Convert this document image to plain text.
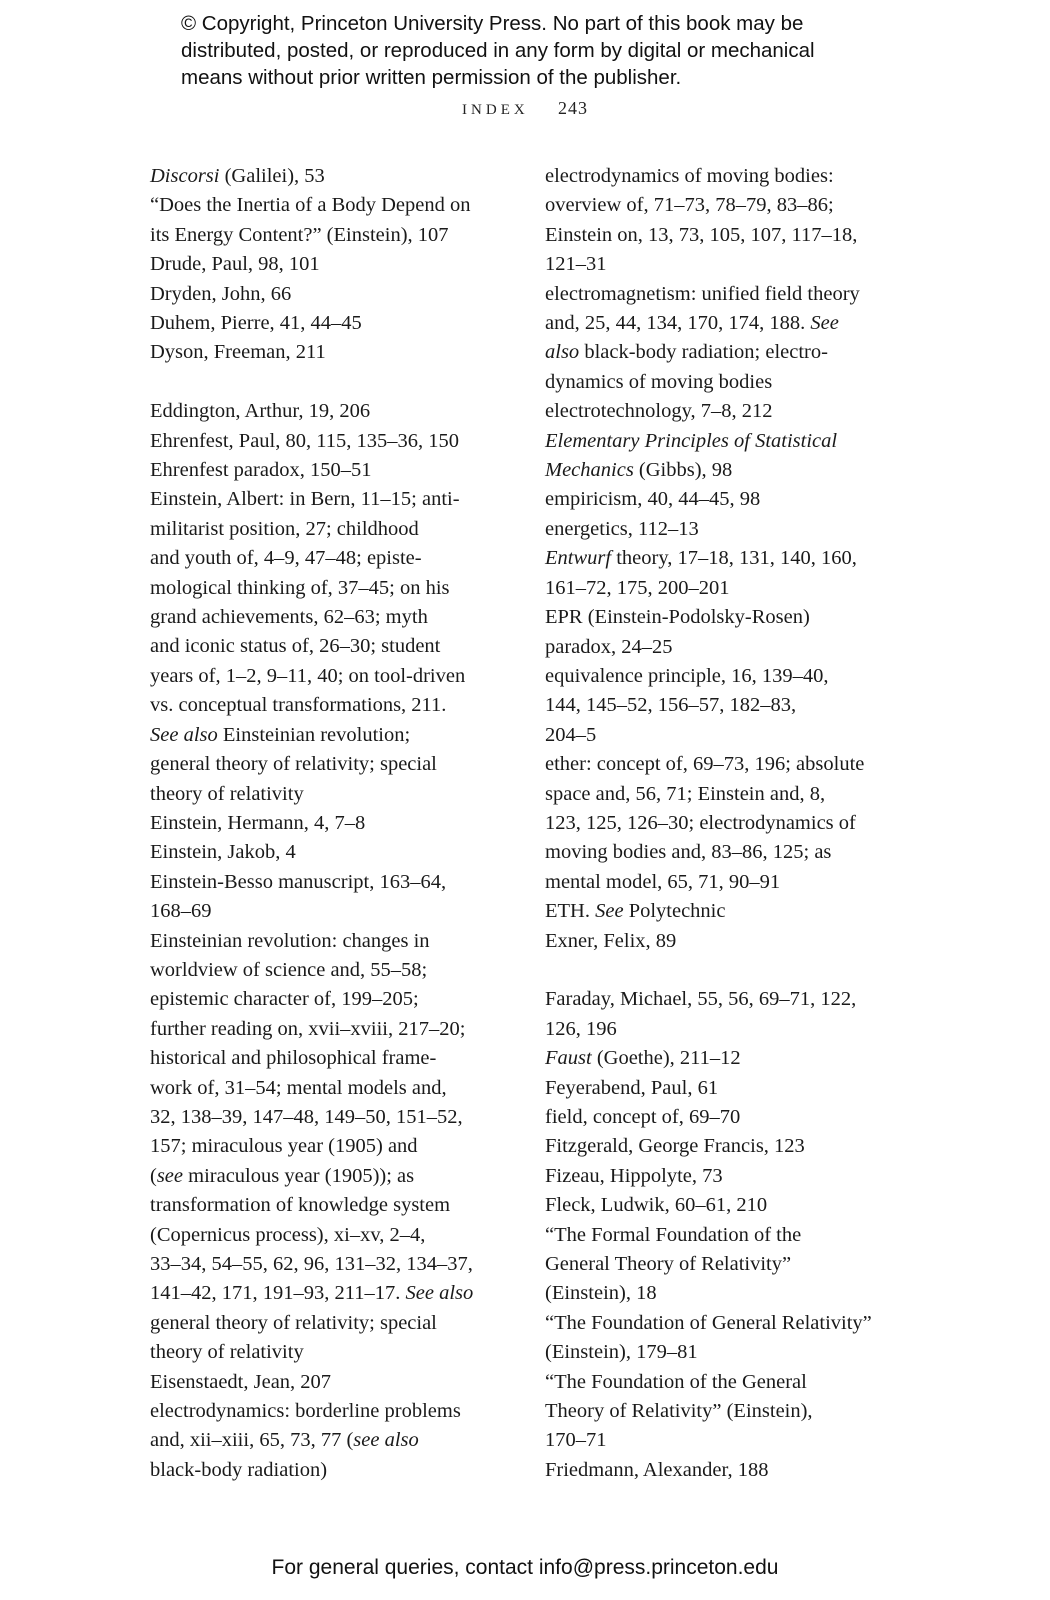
© Copyright, Princeton University Press. No part of this book may be
distributed, posted, or reproduced in any form by digital or mechanical
means without prior written permission of the publisher.
INDEX 243
Discorsi (Galilei), 53
“Does the Inertia of a Body Depend on
its Energy Content?” (Einstein), 107
Drude, Paul, 98, 101
Dryden, John, 66
Duhem, Pierre, 41, 44–45
Dyson, Freeman, 211
Eddington, Arthur, 19, 206
Ehrenfest, Paul, 80, 115, 135–36, 150
Ehrenfest paradox, 150–51
Einstein, Albert: in Bern, 11–15; anti-
militarist position, 27; childhood
and youth of, 4–9, 47–48; episte-
mological thinking of, 37–45; on his
grand achievements, 62–63; myth
and iconic status of, 26–30; student
years of, 1–2, 9–11, 40; on tool-driven
vs. conceptual transformations, 211.
See also Einsteinian revolution;
general theory of relativity; special
theory of relativity
Einstein, Hermann, 4, 7–8
Einstein, Jakob, 4
Einstein-Besso manuscript, 163–64,
168–69
Einsteinian revolution: changes in
worldview of science and, 55–58;
epistemic character of, 199–205;
further reading on, xvii–xviii, 217–20;
historical and philosophical frame-
work of, 31–54; mental models and,
32, 138–39, 147–48, 149–50, 151–52,
157; miraculous year (1905) and
(see miraculous year (1905)); as
transformation of knowledge system
(Copernicus process), xi–xv, 2–4,
33–34, 54–55, 62, 96, 131–32, 134–37,
141–42, 171, 191–93, 211–17. See also
general theory of relativity; special
theory of relativity
Eisenstaedt, Jean, 207
electrodynamics: borderline problems
and, xii–xiii, 65, 73, 77 (see also
black-body radiation)
electrodynamics of moving bodies:
overview of, 71–73, 78–79, 83–86;
Einstein on, 13, 73, 105, 107, 117–18,
121–31
electromagnetism: unified field theory
and, 25, 44, 134, 170, 174, 188. See
also black-body radiation; electro-
dynamics of moving bodies
electrotechnology, 7–8, 212
Elementary Principles of Statistical
Mechanics (Gibbs), 98
empiricism, 40, 44–45, 98
energetics, 112–13
Entwurf theory, 17–18, 131, 140, 160,
161–72, 175, 200–201
EPR (Einstein-Podolsky-Rosen)
paradox, 24–25
equivalence principle, 16, 139–40,
144, 145–52, 156–57, 182–83,
204–5
ether: concept of, 69–73, 196; absolute
space and, 56, 71; Einstein and, 8,
123, 125, 126–30; electrodynamics of
moving bodies and, 83–86, 125; as
mental model, 65, 71, 90–91
ETH. See Polytechnic
Exner, Felix, 89
Faraday, Michael, 55, 56, 69–71, 122,
126, 196
Faust (Goethe), 211–12
Feyerabend, Paul, 61
field, concept of, 69–70
Fitzgerald, George Francis, 123
Fizeau, Hippolyte, 73
Fleck, Ludwik, 60–61, 210
“The Formal Foundation of the
General Theory of Relativity”
(Einstein), 18
“The Foundation of General Relativity”
(Einstein), 179–81
“The Foundation of the General
Theory of Relativity” (Einstein),
170–71
Friedmann, Alexander, 188
For general queries, contact info@press.princeton.edu
